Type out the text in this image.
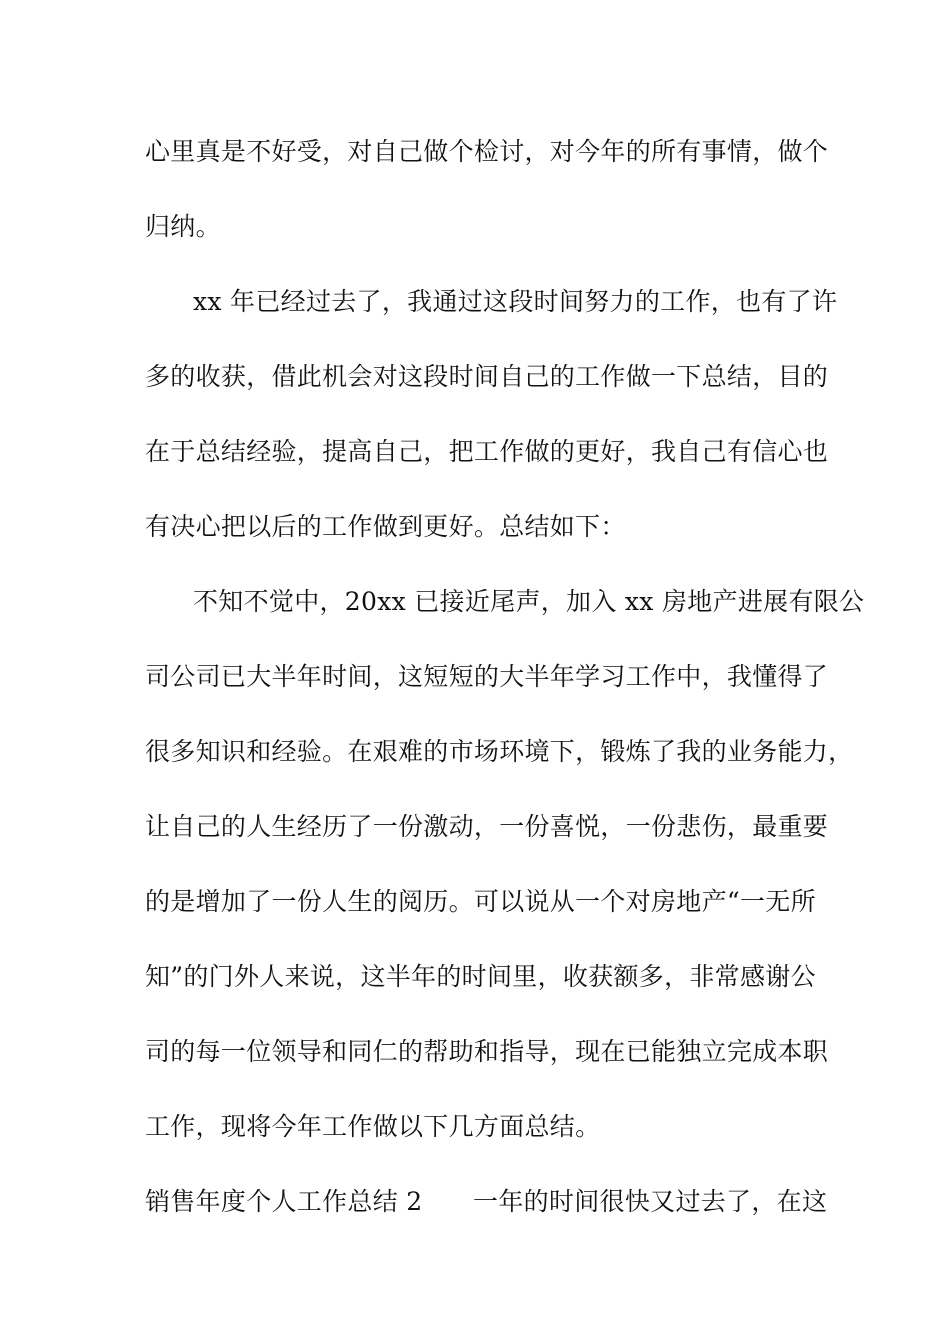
心里真是不好受，对自己做个检讨，对今年的所有事情，做个
归纳。
xx 年已经过去了，我通过这段时间努力的工作，也有了许
多的收获，借此机会对这段时间自己的工作做一下总结，目的
在于总结经验，提高自己，把工作做的更好，我自己有信心也
有决心把以后的工作做到更好。总结如下：
不知不觉中，20xx 已接近尾声，加入 xx 房地产进展有限公
司公司已大半年时间，这短短的大半年学习工作中，我懂得了
很多知识和经验。在艰难的市场环境下，锻炼了我的业务能力，
让自己的人生经历了一份激动，一份喜悦，一份悲伤，最重要
的是增加了一份人生的阅历。可以说从一个对房地产“一无所
知”的门外人来说，这半年的时间里，收获额多，非常感谢公
司的每一位领导和同仁的帮助和指导，现在已能独立完成本职
工作，现将今年工作做以下几方面总结。
销售年度个人工作总结 2　　一年的时间很快又过去了，在这
